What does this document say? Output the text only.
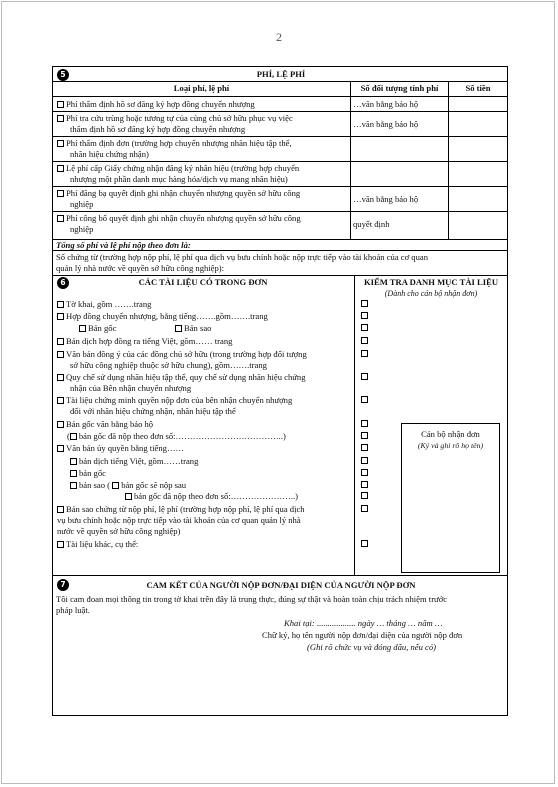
2
5	PHÍ, LỆ PHÍ
Loại phí, lệ phí	Số đối tượng tính phí	Số tiền
Phí thẩm định hồ sơ đăng ký hợp đồng chuyển nhượng	…văn bằng bảo hộ
Phí tra cứu trùng hoặc tương tự của cùng chủ sở hữu phục vụ việc
thẩm định hồ sơ đăng ký hợp đồng chuyển nhượng	…văn bằng bảo hộ
Phí thẩm định đơn (trường hợp chuyển nhượng nhãn hiệu tập thể,
nhãn hiệu chứng nhận)
Lệ phí cấp Giấy chứng nhận đăng ký nhãn hiệu (trường hợp chuyển
nhượng một phần danh mục hàng hóa/dịch vụ mang nhãn hiệu)
Phí đăng bạ quyết định ghi nhận chuyển nhượng quyền sở hữu công
nghiệp	…văn bằng bảo hộ
Phí công bố quyết định ghi nhận chuyển nhượng quyền sở hữu công
nghiệp	quyết định
Tổng số phí và lệ phí nộp theo đơn là:
Số chứng từ (trường hợp nộp phí, lệ phí qua dịch vụ bưu chính hoặc nộp trực tiếp vào tài khoản của cơ quan
quản lý nhà nước về quyền sở hữu công nghiệp):
6	CÁC TÀI LIỆU CÓ TRONG ĐƠN	KIỂM TRA DANH MỤC TÀI LIỆU
(Dành cho cán bộ nhận đơn)
Tờ khai, gồm …….trang
Hợp đồng chuyển nhượng, bằng tiếng…….gồm…….trang
Bản gốc	Bản sao
Bản dịch hợp đồng ra tiếng Việt, gồm…… trang
Văn bản đồng ý của các đồng chủ sở hữu (trong trường hợp đối tượng
sở hữu công nghiệp thuộc sở hữu chung), gồm…….trang
Quy chế sử dụng nhãn hiệu tập thể, quy chế sử dụng nhãn hiệu chứng
nhận của Bên nhận chuyển nhượng
Tài liệu chứng minh quyền nộp đơn của bên nhận chuyển nhượng
đối với nhãn hiệu chứng nhận, nhãn hiệu tập thể
Bản gốc văn bằng bảo hộ
( bản gốc đã nộp theo đơn số:………………………………..)
Văn bản ủy quyền bằng tiếng……
bản dịch tiếng Việt, gồm……trang
bản gốc
bản sao ( bản gốc sẽ nộp sau
bản gốc đã nộp theo đơn số:…………………..)
Bản sao chứng từ nộp phí, lệ phí (trường hợp nộp phí, lệ phí qua dịch
vụ bưu chính hoặc nộp trực tiếp vào tài khoản của cơ quan quản lý nhà
nước về quyền sở hữu công nghiệp)
Tài liệu khác, cụ thể:
Cán bộ nhận đơn
(Ký và ghi rõ họ tên)
7	CAM KẾT CỦA NGƯỜI NỘP ĐƠN/ĐẠI DIỆN CỦA NGƯỜI NỘP ĐƠN
Tôi cam đoan mọi thông tin trong tờ khai trên đây là trung thực, đúng sự thật và hoàn toàn chịu trách nhiệm trước
pháp luật.
Khai tại: .................. ngày … tháng … năm …
Chữ ký, họ tên người nộp đơn/đại diện của người nộp đơn
(Ghi rõ chức vụ và đóng dấu, nếu có)
